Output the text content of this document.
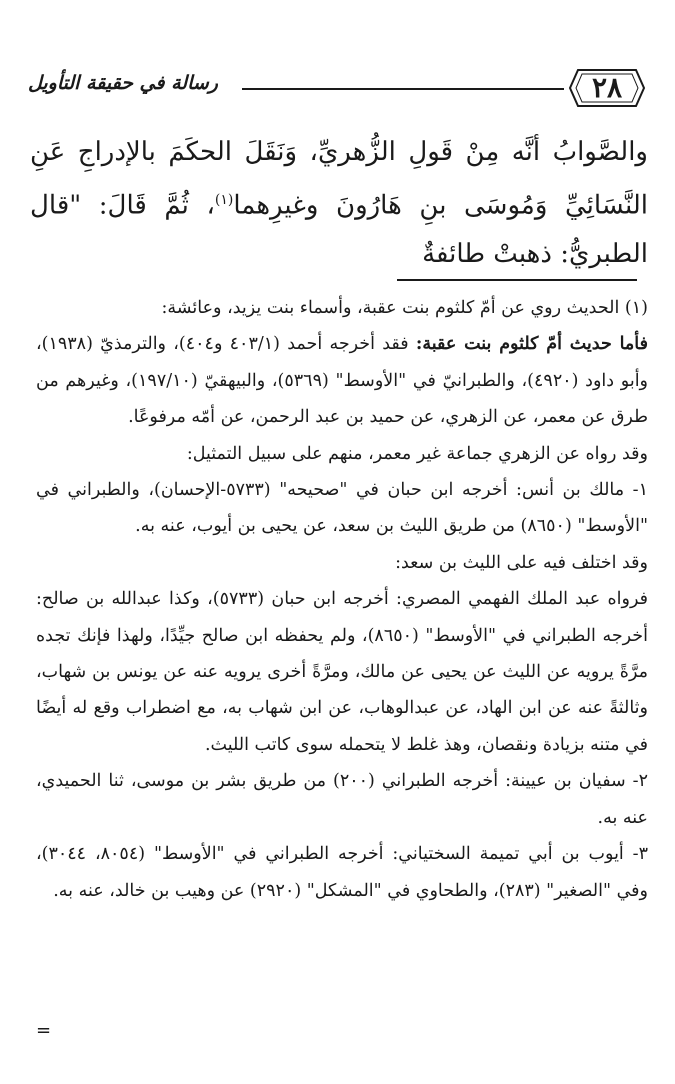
٢٨
رسالة في حقيقة التأويل

والصَّوابُ أنَّه مِنْ قَولِ الزُّهريِّ، وَنَقَلَ الحكَمَ بالإدراجِ عَنِ النَّسَائِيِّ وَمُوسَى بنِ هَارُونَ وغيرِهما$^{(١)}$، ثُمَّ قَالَ: "قال الطبريُّ: ذهبتْ طائفةٌ

(١) الحديث روي عن أمّ كلثوم بنت عقبة، وأسماء بنت يزيد، وعائشة:

فأما حديث أمّ كلثوم بنت عقبة: فقد أخرجه أحمد (٤٠٣/١ و٤٠٤)، والترمذيّ (١٩٣٨)، وأبو داود (٤٩٢٠)، والطبرانيّ في "الأوسط" (٥٣٦٩)، والبيهقيّ (١٩٧/١٠)، وغيرهم من طرق عن معمر، عن الزهري، عن حميد بن عبد الرحمن، عن أمّه مرفوعًا.

وقد رواه عن الزهري جماعة غير معمر، منهم على سبيل التمثيل:

١- مالك بن أنس: أخرجه ابن حبان في "صحيحه" (٥٧٣٣-الإحسان)، والطبراني في "الأوسط" (٨٦٥٠) من طريق الليث بن سعد، عن يحيى بن أيوب، عنه به.

وقد اختلف فيه على الليث بن سعد:

فرواه عبد الملك الفهمي المصري: أخرجه ابن حبان (٥٧٣٣)، وكذا عبدالله بن صالح: أخرجه الطبراني في "الأوسط" (٨٦٥٠)، ولم يحفظه ابن صالح جيِّدًا، ولهذا فإنك تجده مرَّةً يرويه عن الليث عن يحيى عن مالك، ومرَّةً أخرى يرويه عنه عن يونس بن شهاب، وثالثةً عنه عن ابن الهاد، عن عبدالوهاب، عن ابن شهاب به، مع اضطراب وقع له أيضًا في متنه بزيادة ونقصان، وهذ غلط لا يتحمله سوى كاتب الليث.

٢- سفيان بن عيينة: أخرجه الطبراني (٢٠٠) من طريق بشر بن موسى، ثنا الحميدي، عنه به.

٣- أيوب بن أبي تميمة السختياني: أخرجه الطبراني في "الأوسط" (٨٠٥٤، ٣٠٤٤)، وفي "الصغير" (٢٨٣)، والطحاوي في "المشكل" (٢٩٢٠) عن وهيب بن خالد، عنه به.

=
